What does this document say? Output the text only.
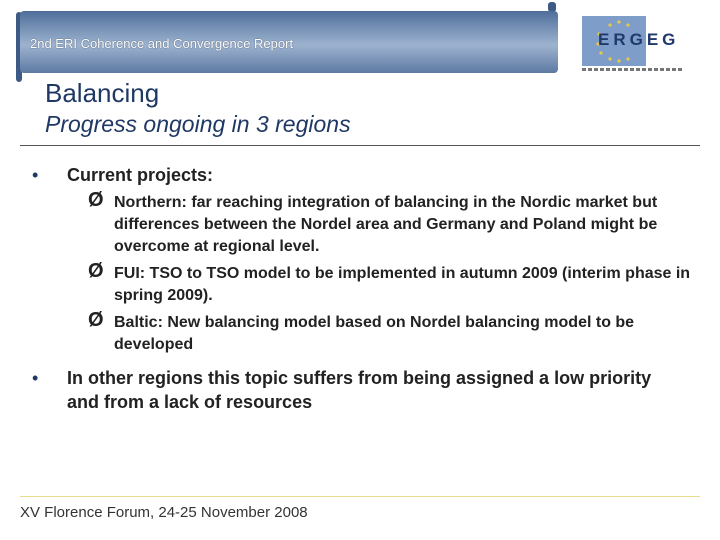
2nd ERI Coherence and Convergence Report	ERGEG
Balancing
Progress ongoing in 3 regions
• Current projects:
Ø Northern: far reaching integration of balancing in the Nordic market but differences between the Nordel area and Germany and Poland might be overcome at regional level.
Ø FUI: TSO to TSO model to be implemented in autumn 2009 (interim phase in spring 2009).
Ø Baltic: New balancing model based on Nordel balancing model to be developed
• In other regions this topic suffers from being assigned a low priority and from a lack of resources
XV Florence Forum, 24-25 November 2008
